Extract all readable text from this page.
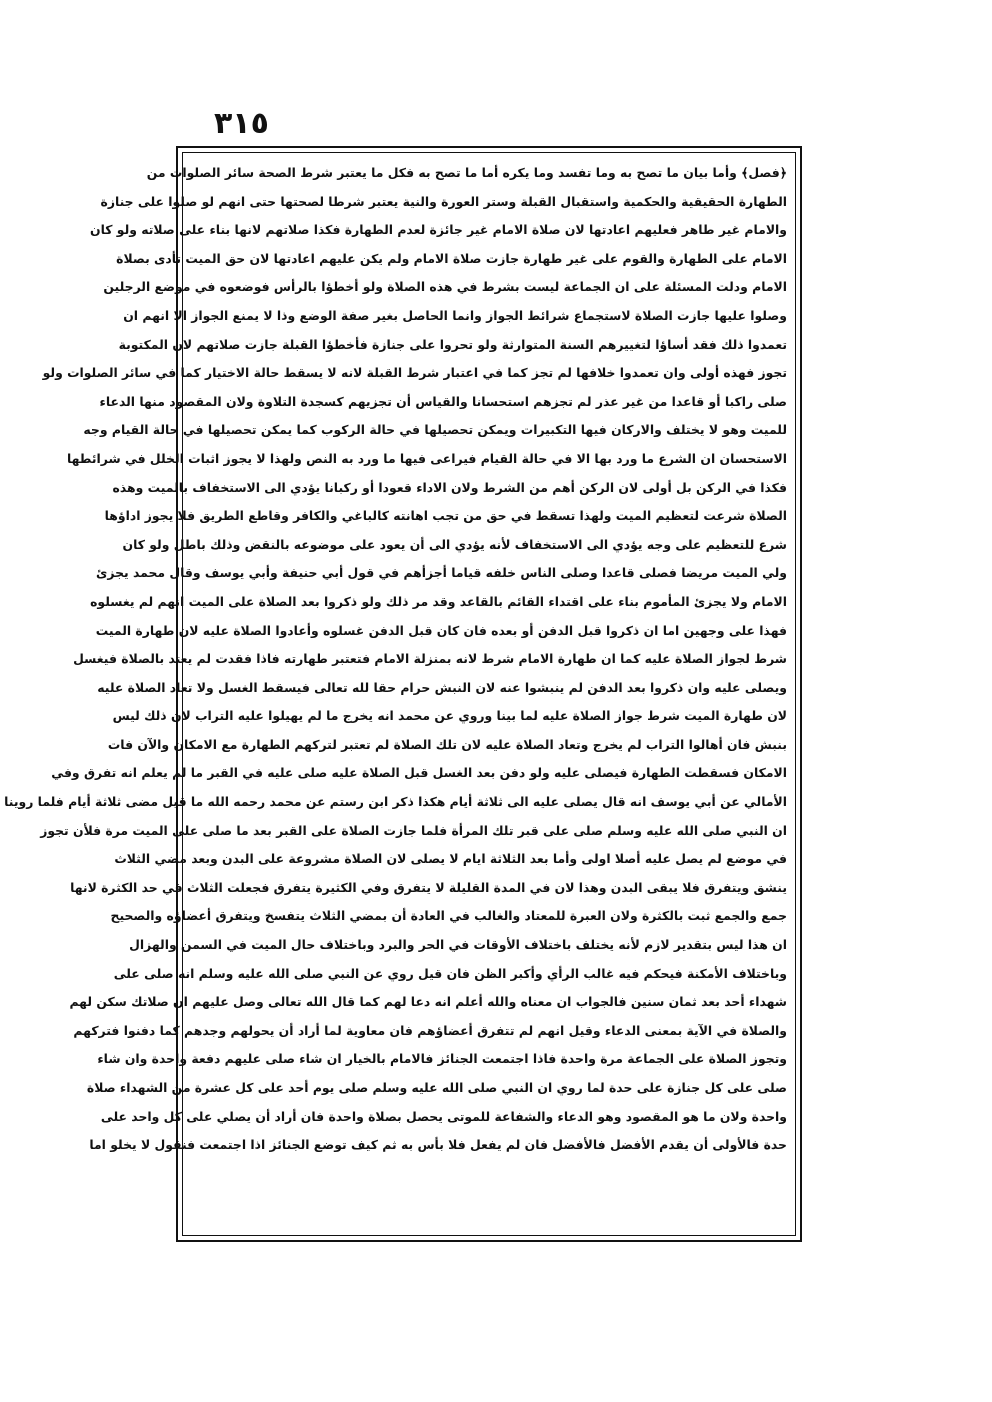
٣١٥
﴿فصل﴾ وأما بيان ما تصح به وما تفسد وما يكره أما ما تصح به فكل ما يعتبر شرط الصحة سائر الصلوات من
الطهارة الحقيقية والحكمية واستقبال القبلة وستر العورة والنية يعتبر شرطا لصحتها حتى انهم لو صلوا على جنازة
والامام غير طاهر فعليهم اعادتها لان صلاة الامام غير جائزة لعدم الطهارة فكذا صلاتهم لانها بناء على صلاته ولو كان
الامام على الطهارة والقوم على غير طهارة جازت صلاة الامام ولم يكن عليهم اعادتها لان حق الميت تأدى بصلاة
الامام ودلت المسئلة على ان الجماعة ليست بشرط في هذه الصلاة ولو أخطؤا بالرأس فوضعوه في موضع الرجلين
وصلوا عليها جازت الصلاة لاستجماع شرائط الجواز وانما الحاصل بغير صفة الوضع وذا لا يمنع الجواز الا انهم ان
تعمدوا ذلك فقد أساؤا لتغييرهم السنة المتوارثة ولو تحروا على جنازة فأخطؤا القبلة جازت صلاتهم لان المكتوبة
تجوز فهذه أولى وان تعمدوا خلافها لم تجز كما في اعتبار شرط القبلة لانه لا يسقط حالة الاختيار كما في سائر الصلوات ولو
صلى راكبا أو قاعدا من غير عذر لم تجزهم استحسانا والقياس أن تجزيهم كسجدة التلاوة ولان المقصود منها الدعاء
للميت وهو لا يختلف والاركان فيها التكبيرات ويمكن تحصيلها في حالة الركوب كما يمكن تحصيلها في حالة القيام وجه
الاستحسان ان الشرع ما ورد بها الا في حالة القيام فيراعى فيها ما ورد به النص ولهذا لا يجوز اثبات الخلل في شرائطها
فكذا في الركن بل أولى لان الركن أهم من الشرط ولان الاداء قعودا أو ركبانا يؤدي الى الاستخفاف بالميت وهذه
الصلاة شرعت لتعظيم الميت ولهذا تسقط في حق من تجب اهانته كالباغي والكافر وقاطع الطريق فلا يجوز اداؤها
شرع للتعظيم على وجه يؤدي الى الاستخفاف لأنه يؤدي الى أن يعود على موضوعه بالنقض وذلك باطل ولو كان
ولي الميت مريضا فصلى قاعدا وصلى الناس خلفه قياما أجزأهم في قول أبي حنيفة وأبي يوسف وقال محمد يجزئ
الامام ولا يجزئ المأموم بناء على اقتداء القائم بالقاعد وقد مر ذلك ولو ذكروا بعد الصلاة على الميت انهم لم يغسلوه
فهذا على وجهين اما ان ذكروا قبل الدفن أو بعده فان كان قبل الدفن غسلوه وأعادوا الصلاة عليه لان طهارة الميت
شرط لجواز الصلاة عليه كما ان طهارة الامام شرط لانه بمنزلة الامام فتعتبر طهارته فاذا فقدت لم يعتد بالصلاة فيغسل
ويصلى عليه وان ذكروا بعد الدفن لم ينبشوا عنه لان النبش حرام حقا لله تعالى فيسقط الغسل ولا تعاد الصلاة عليه
لان طهارة الميت شرط جواز الصلاة عليه لما بينا وروي عن محمد انه يخرج ما لم يهيلوا عليه التراب لان ذلك ليس
بنبش فان أهالوا التراب لم يخرج وتعاد الصلاة عليه لان تلك الصلاة لم تعتبر لتركهم الطهارة مع الامكان والآن فات
الامكان فسقطت الطهارة فيصلى عليه ولو دفن بعد الغسل قبل الصلاة عليه صلى عليه في القبر ما لم يعلم انه تفرق وفي
الأمالي عن أبي يوسف انه قال يصلى عليه الى ثلاثة أيام هكذا ذكر ابن رستم عن محمد رحمه الله ما قيل مضى ثلاثة أيام فلما روينا
ان النبي صلى الله عليه وسلم صلى على قبر تلك المرأة فلما جازت الصلاة على القبر بعد ما صلى على الميت مرة فلأن تجوز
في موضع لم يصل عليه أصلا اولى وأما بعد الثلاثة ايام لا يصلى لان الصلاة مشروعة على البدن وبعد مضي الثلاث
ينشق ويتفرق فلا يبقى البدن وهذا لان في المدة القليلة لا يتفرق وفي الكثيرة يتفرق فجعلت الثلاث في حد الكثرة لانها
جمع والجمع ثبت بالكثرة ولان العبرة للمعتاد والغالب في العادة أن بمضي الثلاث يتفسخ ويتفرق أعضاؤه والصحيح
ان هذا ليس بتقدير لازم لأنه يختلف باختلاف الأوقات في الحر والبرد وباختلاف حال الميت في السمن والهزال
وباختلاف الأمكنة فيحكم فيه غالب الرأي وأكبر الظن فان قيل روي عن النبي صلى الله عليه وسلم انه صلى على
شهداء أحد بعد ثمان سنين فالجواب ان معناه والله أعلم انه دعا لهم كما قال الله تعالى وصل عليهم ان صلاتك سكن لهم
والصلاة في الآية بمعنى الدعاء وقيل انهم لم تتفرق أعضاؤهم فان معاوية لما أراد أن يحولهم وجدهم كما دفنوا فتركهم
وتجوز الصلاة على الجماعة مرة واحدة فاذا اجتمعت الجنائز فالامام بالخيار ان شاء صلى عليهم دفعة واحدة وان شاء
صلى على كل جنازة على حدة لما روي ان النبي صلى الله عليه وسلم صلى يوم أحد على كل عشرة من الشهداء صلاة
واحدة ولان ما هو المقصود وهو الدعاء والشفاعة للموتى يحصل بصلاة واحدة فان أراد أن يصلي على كل واحد على
حدة فالأولى أن يقدم الأفضل فالأفضل فان لم يفعل فلا بأس به ثم كيف توضع الجنائز اذا اجتمعت فنقول لا يخلو اما
